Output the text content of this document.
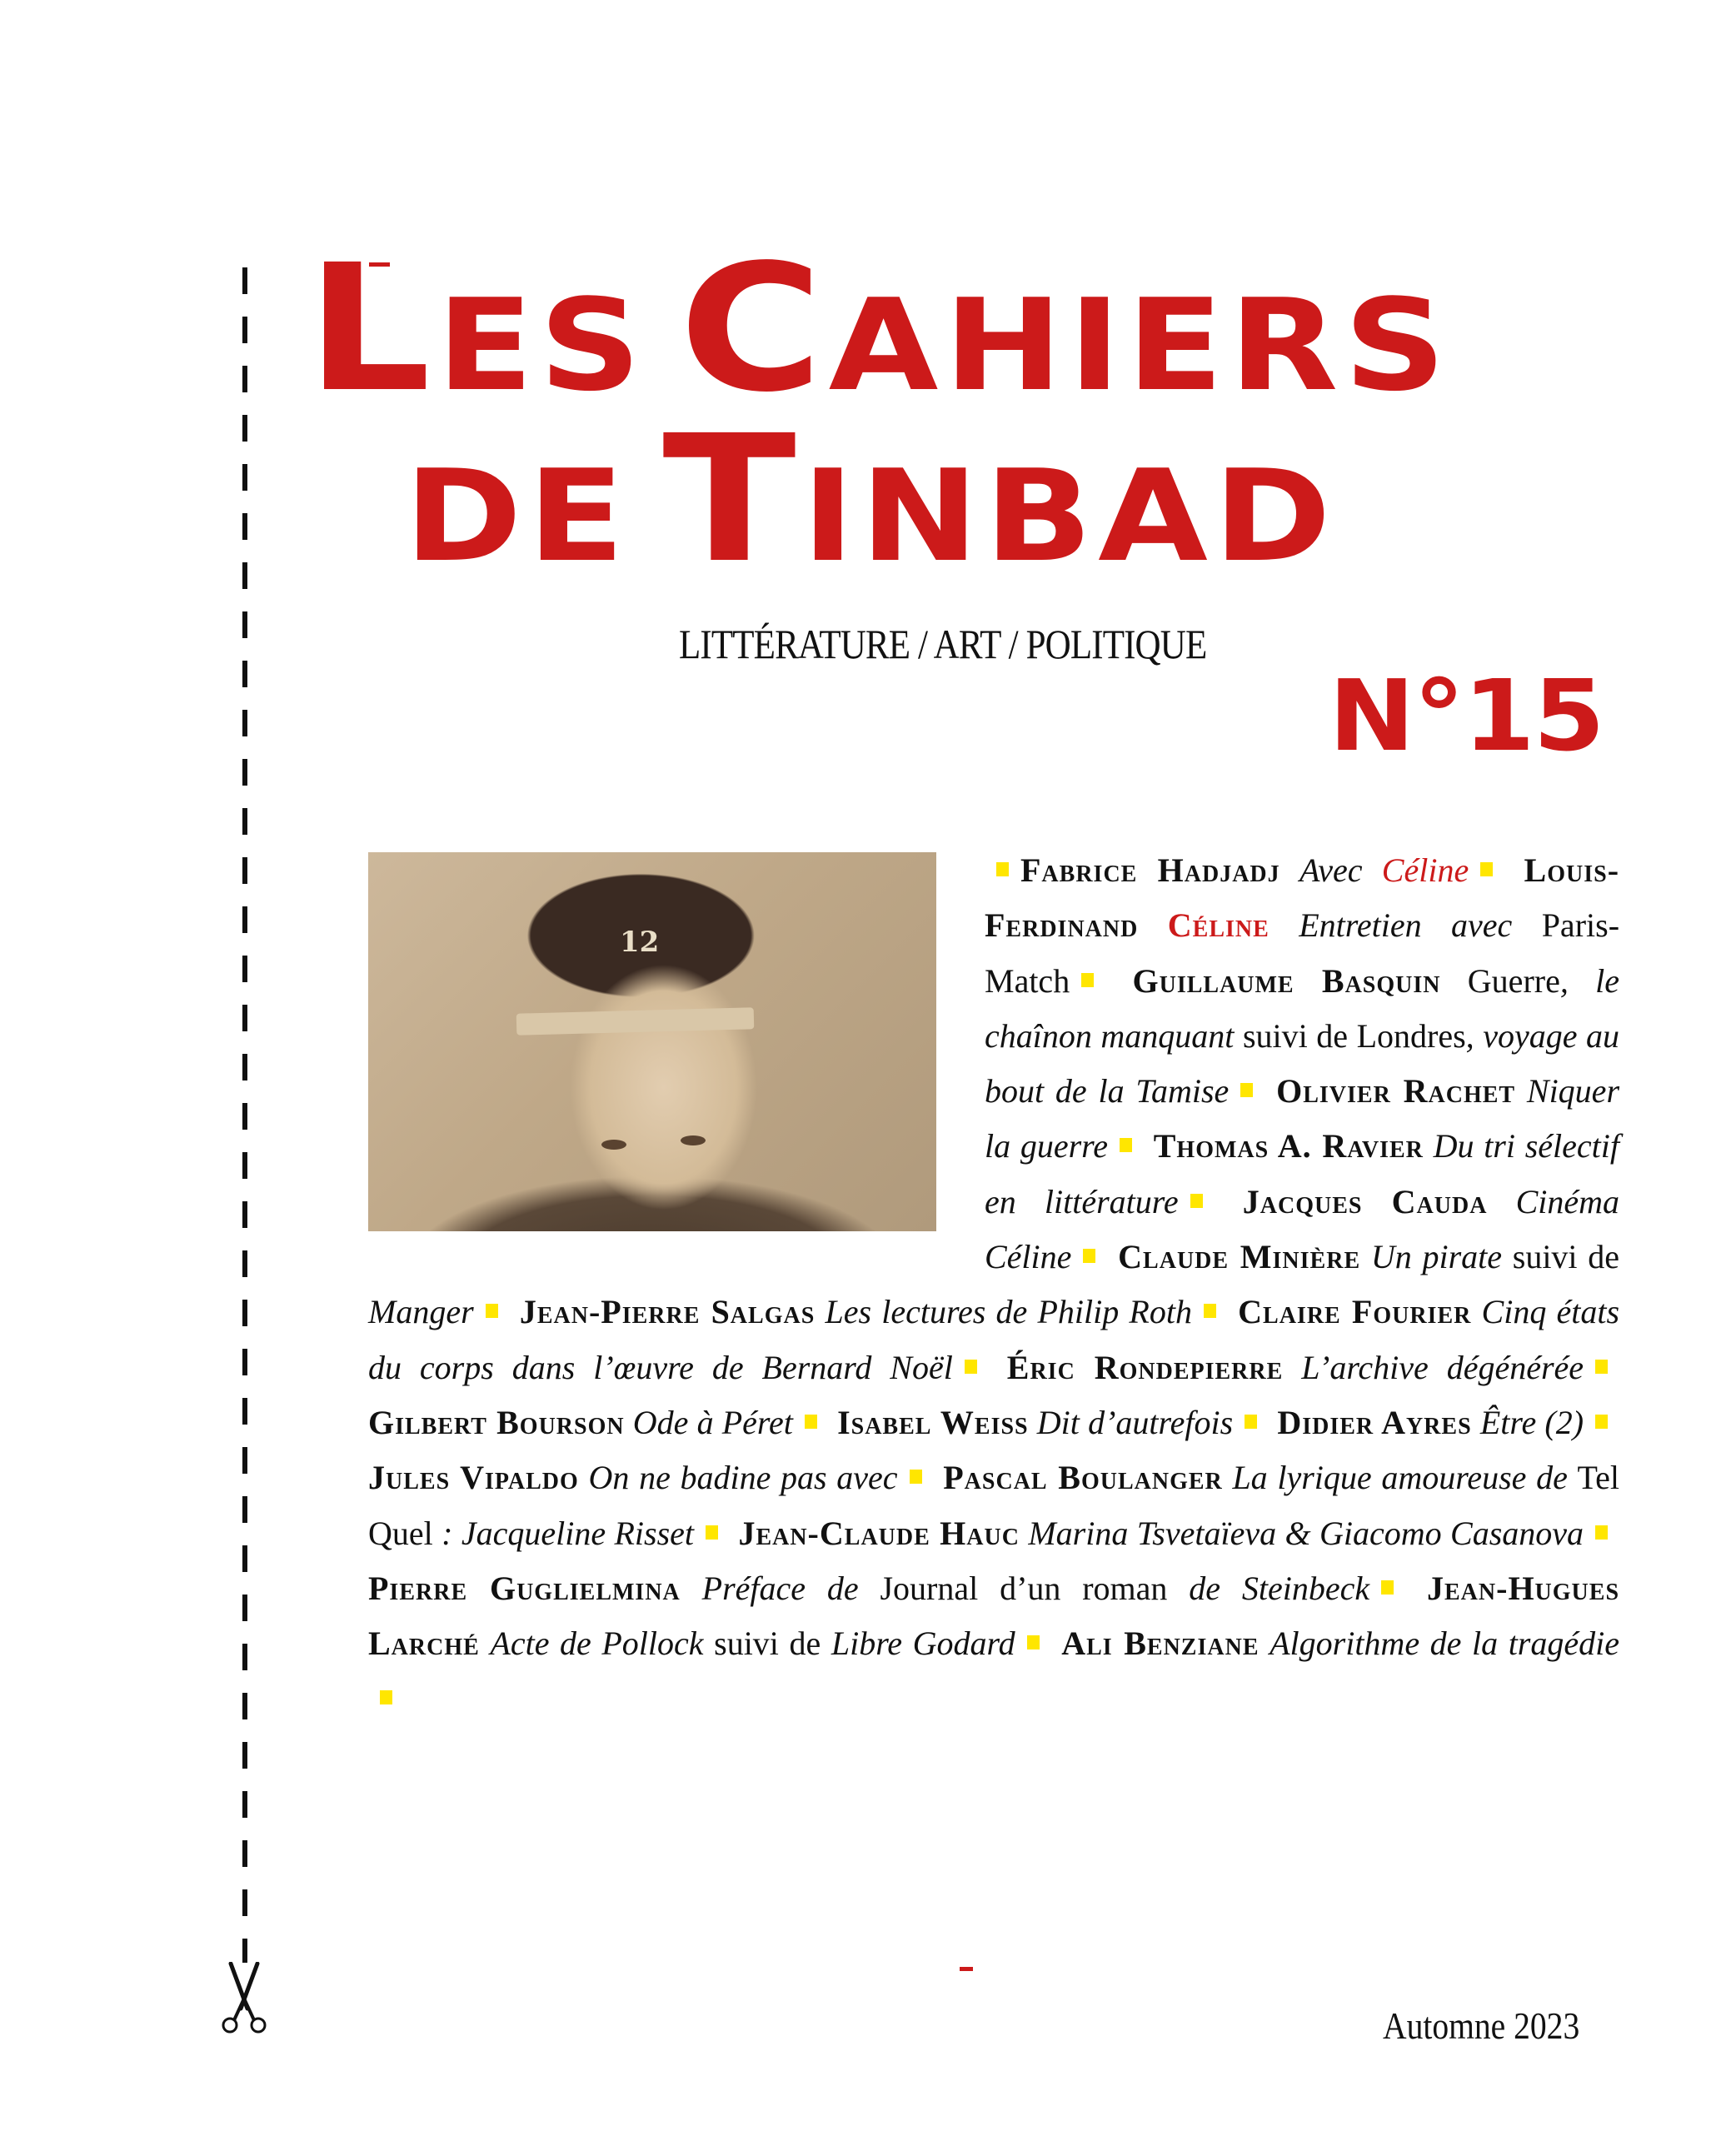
LES CAHIERS
DE TINBAD
LITTÉRATURE / ART / POLITIQUE
N°15
12
Fabrice Hadjadj Avec Céline Louis-Ferdinand Céline Entretien avec Paris-Match Guillaume Basquin Guerre, le chaînon manquant suivi de Londres, voyage au bout de la Tamise Olivier Rachet Niquer la guerre Thomas A. Ravier Du tri sélectif en littérature Jacques Cauda Cinéma Céline Claude Minière Un pirate suivi de Manger Jean-Pierre Salgas Les lectures de Philip Roth Claire Fourier Cinq états du corps dans l’œuvre de Bernard Noël Éric Rondepierre L’archive dégénérée Gilbert Bourson Ode à Péret Isabel Weiss Dit d’autrefois Didier Ayres Être (2) Jules Vipaldo On ne badine pas avec Pascal Boulanger La lyrique amoureuse de Tel Quel : Jacqueline Risset Jean-Claude Hauc Marina Tsvetaïeva & Giacomo Casanova Pierre Guglielmina Préface de Journal d’un roman de Steinbeck Jean-Hugues Larché Acte de Pollock suivi de Libre Godard Ali Benziane Algorithme de la tragédie
Automne 2023
